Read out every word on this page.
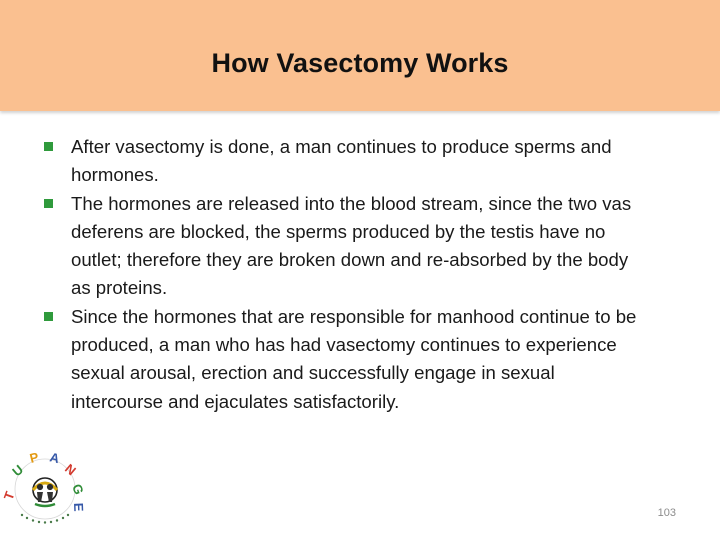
How Vasectomy Works
After vasectomy is done, a man continues to produce sperms and hormones.
The hormones are released into the blood stream, since the two vas deferens are blocked, the sperms produced by the testis have no outlet; therefore they are broken down and re-absorbed by the body as proteins.
Since the hormones that are responsible for manhood continue to be produced, a man who has had vasectomy continues to experience sexual arousal, erection and successfully engage in sexual intercourse and ejaculates satisfactorily.
T
U
P A
N
G
E	103
